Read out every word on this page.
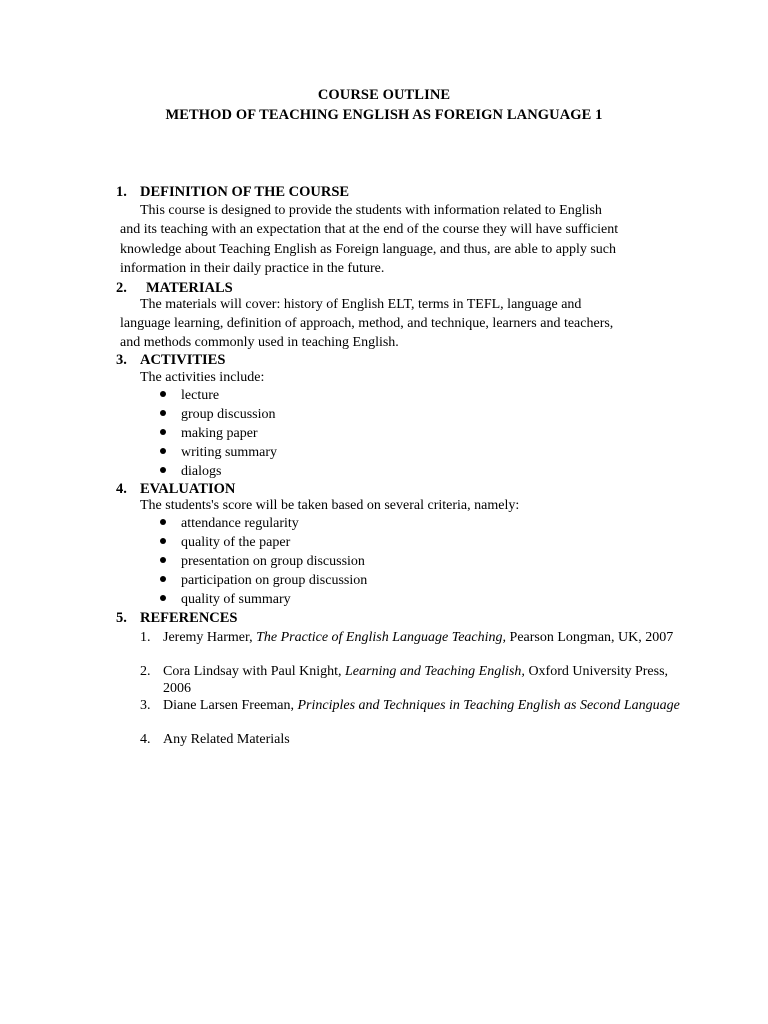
COURSE OUTLINE
METHOD OF TEACHING ENGLISH AS FOREIGN LANGUAGE 1
1. DEFINITION OF THE COURSE
This course is designed to provide the students with information related to English
and its teaching with an expectation that at the end of the course they will have sufficient
knowledge about Teaching English as Foreign language, and thus, are able to apply such
information in their daily practice in the future.
2. MATERIALS
The materials will cover: history of English ELT, terms in TEFL, language and
language learning, definition of approach, method, and technique, learners and teachers,
and methods commonly used in teaching English.
3. ACTIVITIES
The activities include:
lecture
group discussion
making paper
writing summary
dialogs
4. EVALUATION
The students's score will be taken based on several criteria, namely:
attendance regularity
quality of the paper
presentation on group discussion
participation on group discussion
quality of summary
5. REFERENCES
1. Jeremy Harmer, The Practice of English Language Teaching, Pearson Longman, UK, 2007
2. Cora Lindsay with Paul Knight, Learning and Teaching English, Oxford University Press, 2006
3. Diane Larsen Freeman, Principles and Techniques in Teaching English as Second Language
4. Any Related Materials
